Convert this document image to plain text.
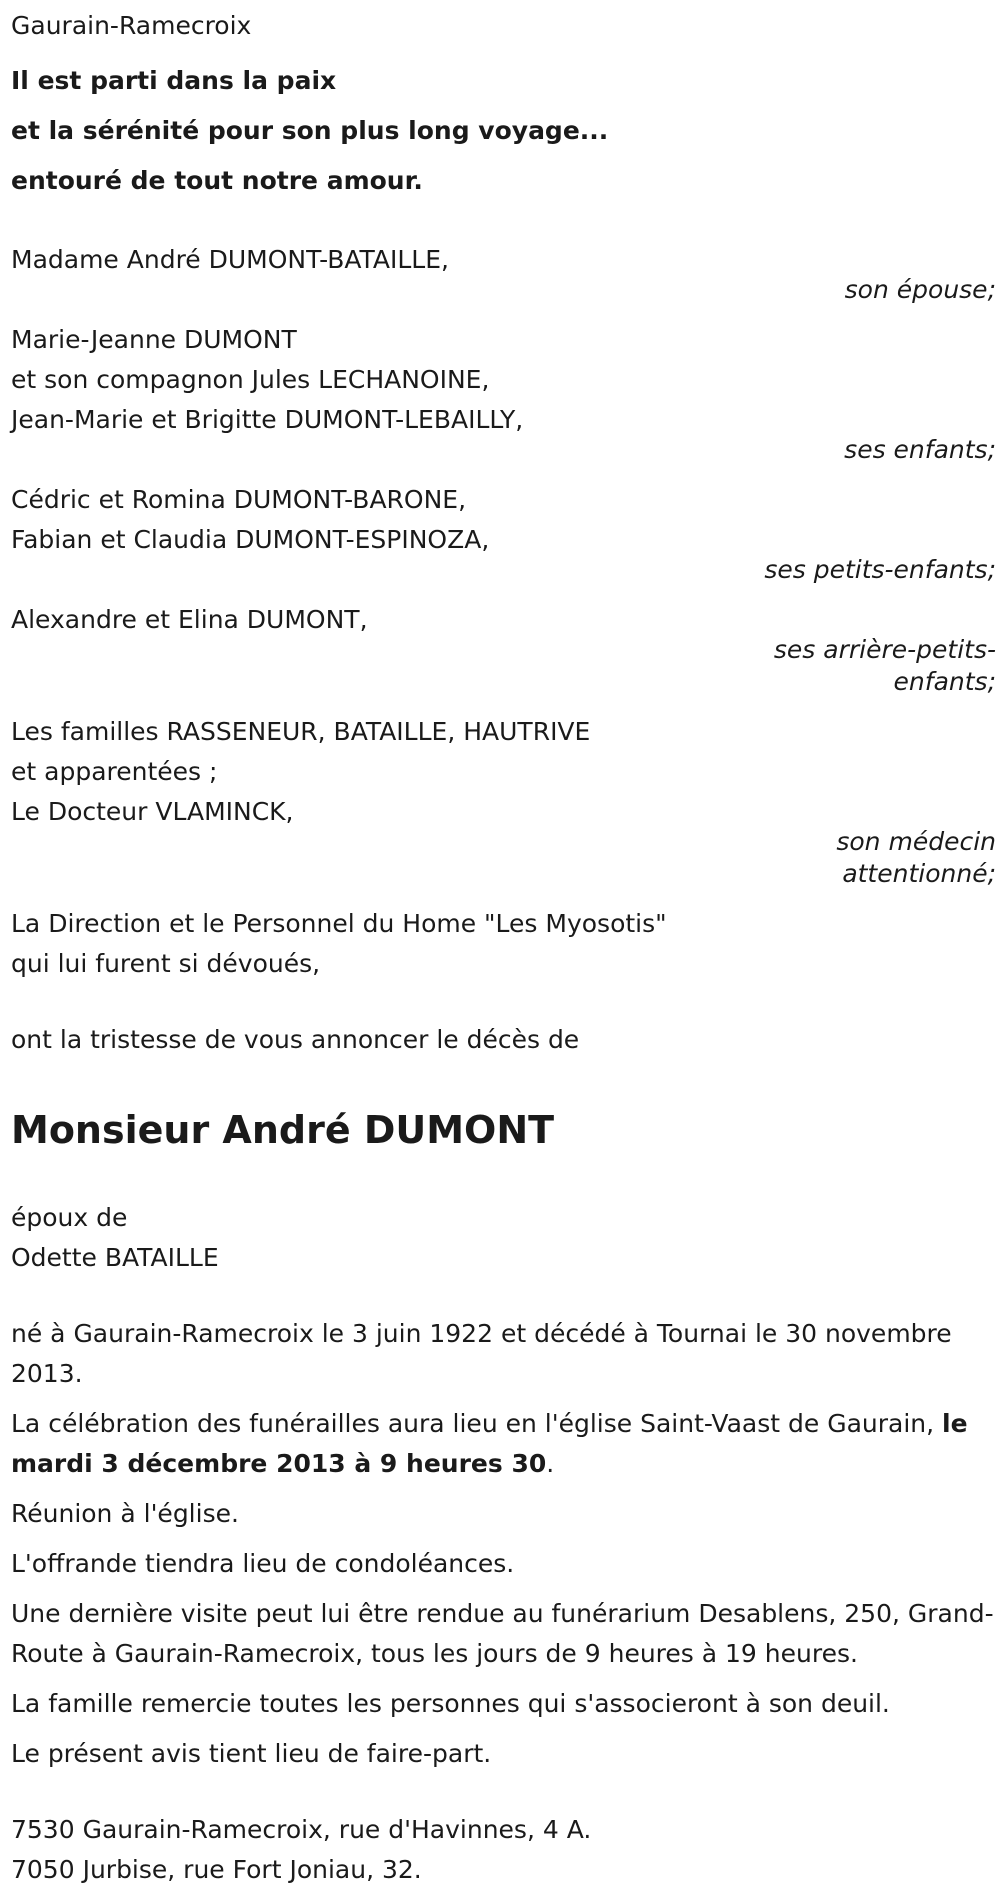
Gaurain-Ramecroix

Il est parti dans la paix

et la sérénité pour son plus long voyage...

entouré de tout notre amour.

Madame André DUMONT-BATAILLE,

son épouse;

Marie-Jeanne DUMONT

et son compagnon Jules LECHANOINE,

Jean-Marie et Brigitte DUMONT-LEBAILLY,

ses enfants;

Cédric et Romina DUMONT-BARONE,

Fabian et Claudia DUMONT-ESPINOZA,

ses petits-enfants;

Alexandre et Elina DUMONT,

ses arrière-petits-

enfants;

Les familles RASSENEUR, BATAILLE, HAUTRIVE

et apparentées ;

Le Docteur VLAMINCK,

son médecin

attentionné;

La Direction et le Personnel du Home "Les Myosotis"

qui lui furent si dévoués,

ont la tristesse de vous annoncer le décès de

Monsieur André DUMONT

époux de

Odette BATAILLE

né à Gaurain-Ramecroix le 3 juin 1922 et décédé à Tournai le 30 novembre 2013.

La célébration des funérailles aura lieu en l'église Saint-Vaast de Gaurain, le mardi 3 décembre 2013 à 9 heures 30.

Réunion à l'église.

L'offrande tiendra lieu de condoléances.

Une dernière visite peut lui être rendue au funérarium Desablens, 250, Grand-Route à Gaurain-Ramecroix, tous les jours de 9 heures à 19 heures.

La famille remercie toutes les personnes qui s'associeront à son deuil.

Le présent avis tient lieu de faire-part.

7530 Gaurain-Ramecroix, rue d'Havinnes, 4 A.

7050 Jurbise, rue Fort Joniau, 32.
